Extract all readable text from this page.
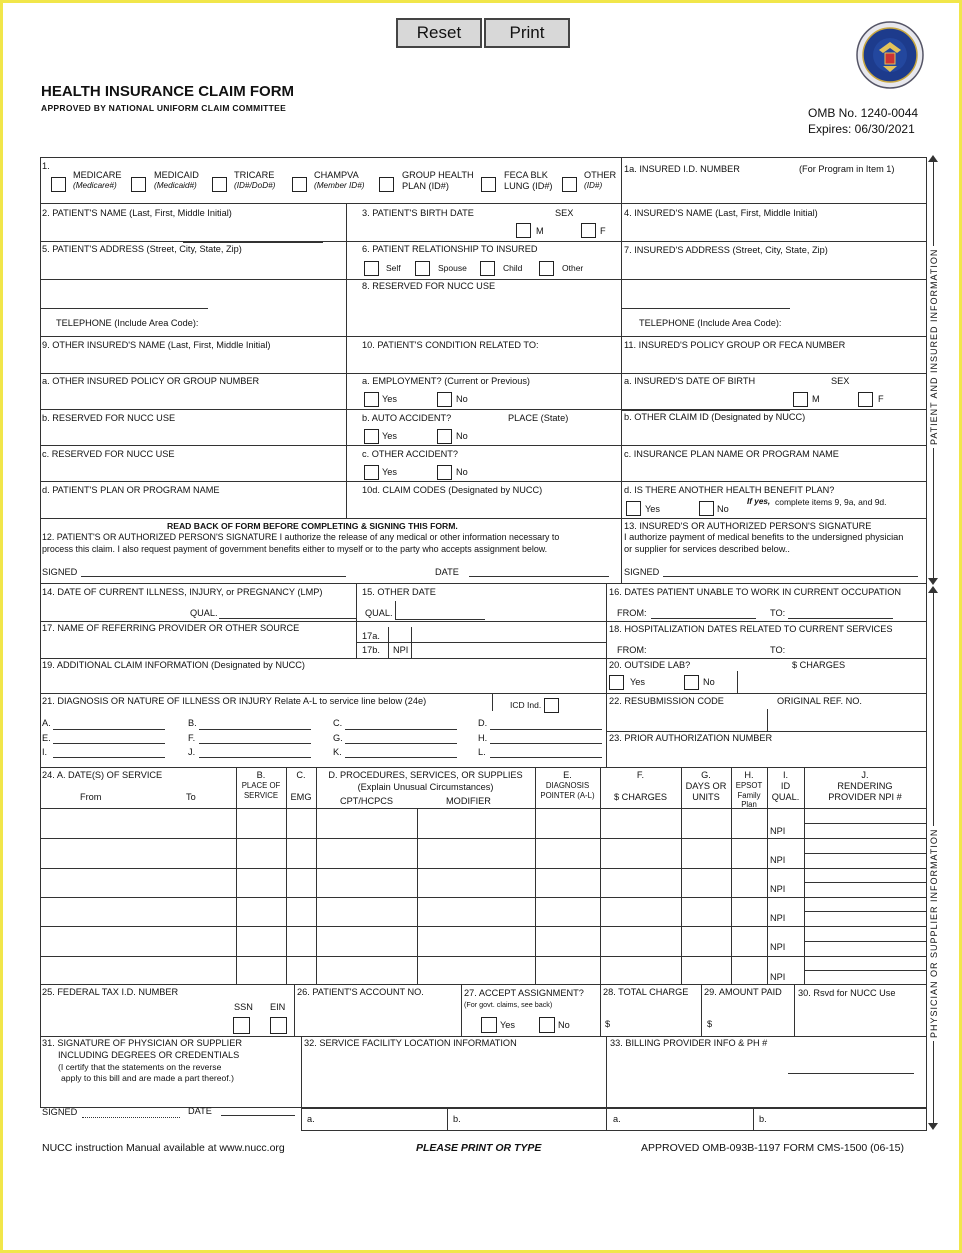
Reset	Print
HEALTH INSURANCE CLAIM FORM
APPROVED BY NATIONAL UNIFORM CLAIM COMMITTEE	OMB No. 1240-0044
Expires: 06/30/2021
PATIENT AND INSURED INFORMATION
PHYSICIAN OR SUPPLIER INFORMATION
1.
MEDICARE
(Medicare#)
MEDICAID
(Medicaid#)
TRICARE
(ID#/DoD#)
CHAMPVA
(Member ID#)
GROUP HEALTH
PLAN (ID#)
FECA BLK
LUNG (ID#)
OTHER
(ID#)
1a. INSURED I.D. NUMBER	(For Program in Item 1)
2. PATIENT'S NAME (Last, First, Middle Initial)	3. PATIENT'S BIRTH DATE	SEX
M	F
4. INSURED'S NAME (Last, First, Middle Initial)
5. PATIENT'S ADDRESS (Street, City, State, Zip)	6. PATIENT RELATIONSHIP TO INSURED
Self	Spouse	Child	Other
7. INSURED'S ADDRESS (Street, City, State, Zip)
8. RESERVED FOR NUCC USE
TELEPHONE (Include Area Code):	TELEPHONE (Include Area Code):
9. OTHER INSURED'S NAME (Last, First, Middle Initial)	10. PATIENT'S CONDITION RELATED TO:	11. INSURED'S POLICY GROUP OR FECA NUMBER
a. OTHER INSURED POLICY OR GROUP NUMBER	a. EMPLOYMENT? (Current or Previous)
Yes	No
a. INSURED'S DATE OF BIRTH	SEX
M	F
b. RESERVED FOR NUCC USE	b. AUTO ACCIDENT?	PLACE (State)
Yes	No
b. OTHER CLAIM ID (Designated by NUCC)
c. RESERVED FOR NUCC USE	c. OTHER ACCIDENT?
Yes	No
c. INSURANCE PLAN NAME OR PROGRAM NAME
d. PATIENT'S PLAN OR PROGRAM NAME	10d. CLAIM CODES (Designated by NUCC)	d. IS THERE ANOTHER HEALTH BENEFIT PLAN?
If yes, complete items 9, 9a, and 9d.
Yes	No
READ BACK OF FORM BEFORE COMPLETING & SIGNING THIS FORM.
12. PATIENT'S OR AUTHORIZED PERSON'S SIGNATURE I authorize the release of any medical or other information necessary to
process this claim. I also request payment of government benefits either to myself or to the party who accepts assignment below.
SIGNED	DATE
13. INSURED'S OR AUTHORIZED PERSON'S SIGNATURE
I authorize payment of medical benefits to the undersigned physician
or supplier for services described below..
SIGNED
14. DATE OF CURRENT ILLNESS, INJURY, or PREGNANCY (LMP)
QUAL.
15. OTHER DATE
QUAL.
16. DATES PATIENT UNABLE TO WORK IN CURRENT OCCUPATION
FROM:	TO:
17. NAME OF REFERRING PROVIDER OR OTHER SOURCE
17a.
17b. NPI
18. HOSPITALIZATION DATES RELATED TO CURRENT SERVICES
FROM:	TO:
19. ADDITIONAL CLAIM INFORMATION (Designated by NUCC)	20. OUTSIDE LAB?	$ CHARGES
Yes	No
21. DIAGNOSIS OR NATURE OF ILLNESS OR INJURY Relate A-L to service line below (24e)	ICD Ind.	22. RESUBMISSION CODE	ORIGINAL REF. NO.
23. PRIOR AUTHORIZATION NUMBER
A.	B.	C.	D.
E.	F.	G.	H.
I.	J.	K.	L.
24. A. DATE(S) OF SERVICE
From	To
B.
PLACE OF
SERVICE
C.
EMG
D. PROCEDURES, SERVICES, OR SUPPLIES
(Explain Unusual Circumstances)
CPT/HCPCS	MODIFIER
E.
DIAGNOSIS
POINTER (A-L)
F.
$ CHARGES
G.
DAYS OR
UNITS
H.
EPSOT
Family
Plan
I.
ID
QUAL.
J.
RENDERING
PROVIDER NPI #
NPI
NPI
NPI
NPI
NPI
NPI
25. FEDERAL TAX I.D. NUMBER
SSN EIN
26. PATIENT'S ACCOUNT NO.	27. ACCEPT ASSIGNMENT?
(For govt. claims, see back)
Yes	No
28. TOTAL CHARGE
$
29. AMOUNT PAID
$
30. Rsvd for NUCC Use
31. SIGNATURE OF PHYSICIAN OR SUPPLIER
INCLUDING DEGREES OR CREDENTIALS
(I certify that the statements on the reverse
apply to this bill and are made a part thereof.)
SIGNED	DATE
32. SERVICE FACILITY LOCATION INFORMATION
a.	b.
33. BILLING PROVIDER INFO & PH #
a.	b.
NUCC instruction Manual available at www.nucc.org	PLEASE PRINT OR TYPE	APPROVED OMB-093B-1197 FORM CMS-1500 (06-15)
